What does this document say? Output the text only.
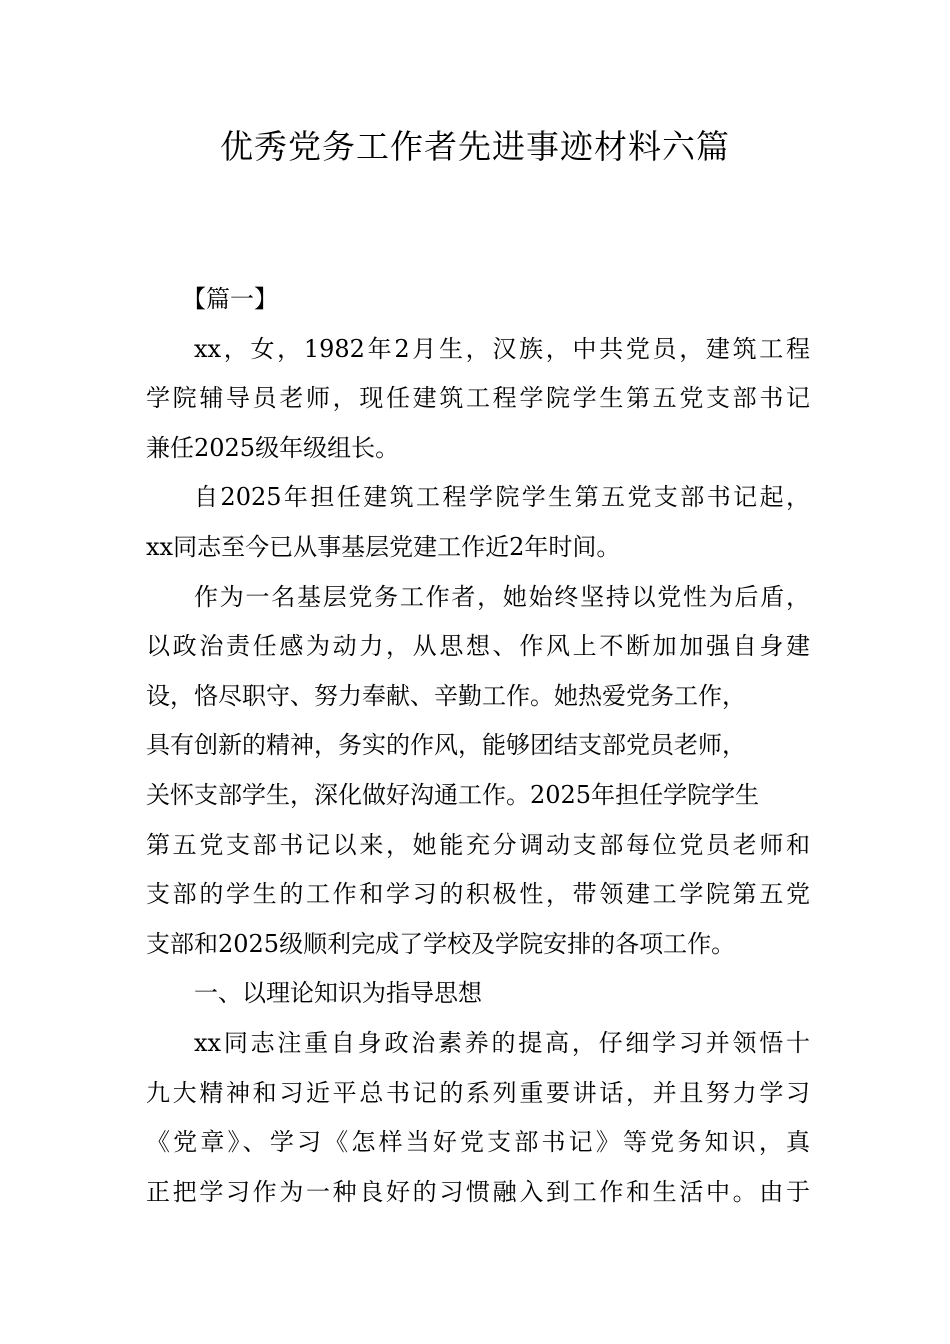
优秀党务工作者先进事迹材料六篇
【篇一】
xx，女，1982年2月生，汉族，中共党员，建筑工程
学院辅导员老师，现任建筑工程学院学生第五党支部书记
兼任2025级年级组长。
自2025年担任建筑工程学院学生第五党支部书记起，
xx同志至今已从事基层党建工作近2年时间。
作为一名基层党务工作者，她始终坚持以党性为后盾，
以政治责任感为动力，从思想、作风上不断加加强自身建
设，恪尽职守、努力奉献、辛勤工作。她热爱党务工作，
具有创新的精神，务实的作风，能够团结支部党员老师，
关怀支部学生，深化做好沟通工作。2025年担任学院学生
第五党支部书记以来，她能充分调动支部每位党员老师和
支部的学生的工作和学习的积极性，带领建工学院第五党
支部和2025级顺利完成了学校及学院安排的各项工作。
一、以理论知识为指导思想
xx同志注重自身政治素养的提高，仔细学习并领悟十
九大精神和习近平总书记的系列重要讲话，并且努力学习
《党章》、学习《怎样当好党支部书记》等党务知识，真
正把学习作为一种良好的习惯融入到工作和生活中。由于
